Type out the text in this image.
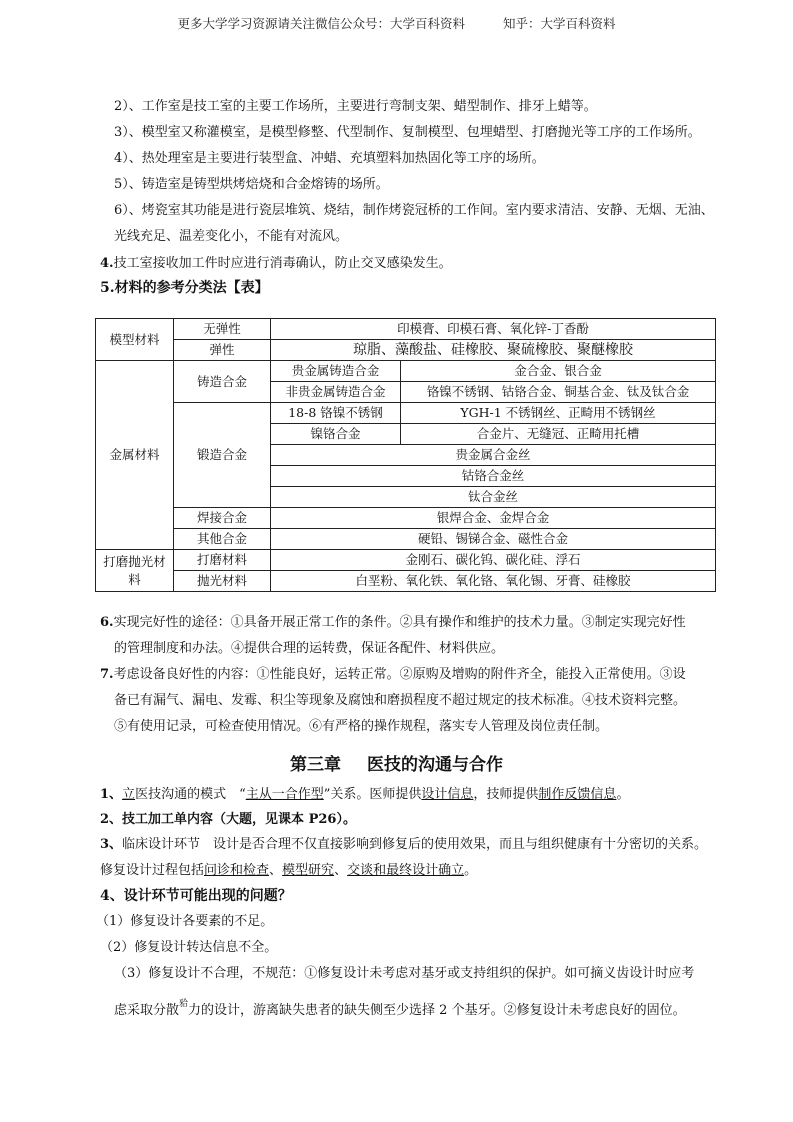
更多大学学习资源请关注微信公众号：大学百科资料	知乎：大学百科资料
2）、工作室是技工室的主要工作场所，主要进行弯制支架、蜡型制作、排牙上蜡等。
3）、模型室又称灌模室，是模型修整、代型制作、复制模型、包埋蜡型、打磨抛光等工序的工作场所。
4）、热处理室是主要进行装型盒、冲蜡、充填塑料加热固化等工序的场所。
5）、铸造室是铸型烘烤焙烧和合金熔铸的场所。
6）、烤瓷室其功能是进行瓷层堆筑、烧结，制作烤瓷冠桥的工作间。室内要求清洁、安静、无烟、无油、
光线充足、温差变化小，不能有对流风。
4.技工室接收加工件时应进行消毒确认，防止交叉感染发生。
5.材料的参考分类法【表】
模型材料	无弹性	印模膏、印模石膏、氧化锌-丁香酚	
	弹性	琼脂、藻酸盐、硅橡胶、聚硫橡胶、聚醚橡胶	
金属材料	铸造合金	贵金属铸造合金	金合金、银合金
		非贵金属铸造合金	铬镍不锈钢、钴铬合金、铜基合金、钛及钛合金
	锻造合金	18-8 铬镍不锈钢	YGH-1 不锈钢丝、正畸用不锈钢丝
		镍铬合金	合金片、无缝冠、正畸用托槽
		贵金属合金丝	
		钴铬合金丝	
		钛合金丝	
	焊接合金	银焊合金、金焊合金	
	其他合金	硬铅、锡锑合金、磁性合金	
打磨抛光材料	打磨材料	金刚石、碳化钨、碳化硅、浮石	
	抛光材料	白垩粉、氧化铁、氧化铬、氧化锡、牙膏、硅橡胶	
6.实现完好性的途径：①具备开展正常工作的条件。②具有操作和维护的技术力量。③制定实现完好性
的管理制度和办法。④提供合理的运转费，保证各配件、材料供应。
7.考虑设备良好性的内容：①性能良好，运转正常。②原购及增购的附件齐全，能投入正常使用。③设
备已有漏气、漏电、发霉、积尘等现象及腐蚀和磨损程度不超过规定的技术标准。④技术资料完整。
⑤有使用记录，可检查使用情况。⑥有严格的操作规程，落实专人管理及岗位责任制。
第三章 医技的沟通与合作
1、立医技沟通的模式　“主从一合作型”关系。医师提供设计信息，技师提供制作反馈信息。
2、技工加工单内容（大题，见课本 P26）。
3、临床设计环节　设计是否合理不仅直接影响到修复后的使用效果，而且与组织健康有十分密切的关系。
修复设计过程包括问诊和检查、模型研究、交谈和最终设计确立。
4、设计环节可能出现的问题？
（1）修复设计各要素的不足。
（2）修复设计转达信息不全。
（3）修复设计不合理，不规范：①修复设计未考虑对基牙或支持组织的保护。如可摘义齿设计时应考
虑采取分散$^𬌗$力的设计，游离缺失患者的缺失侧至少选择 2 个基牙。②修复设计未考虑良好的固位。
